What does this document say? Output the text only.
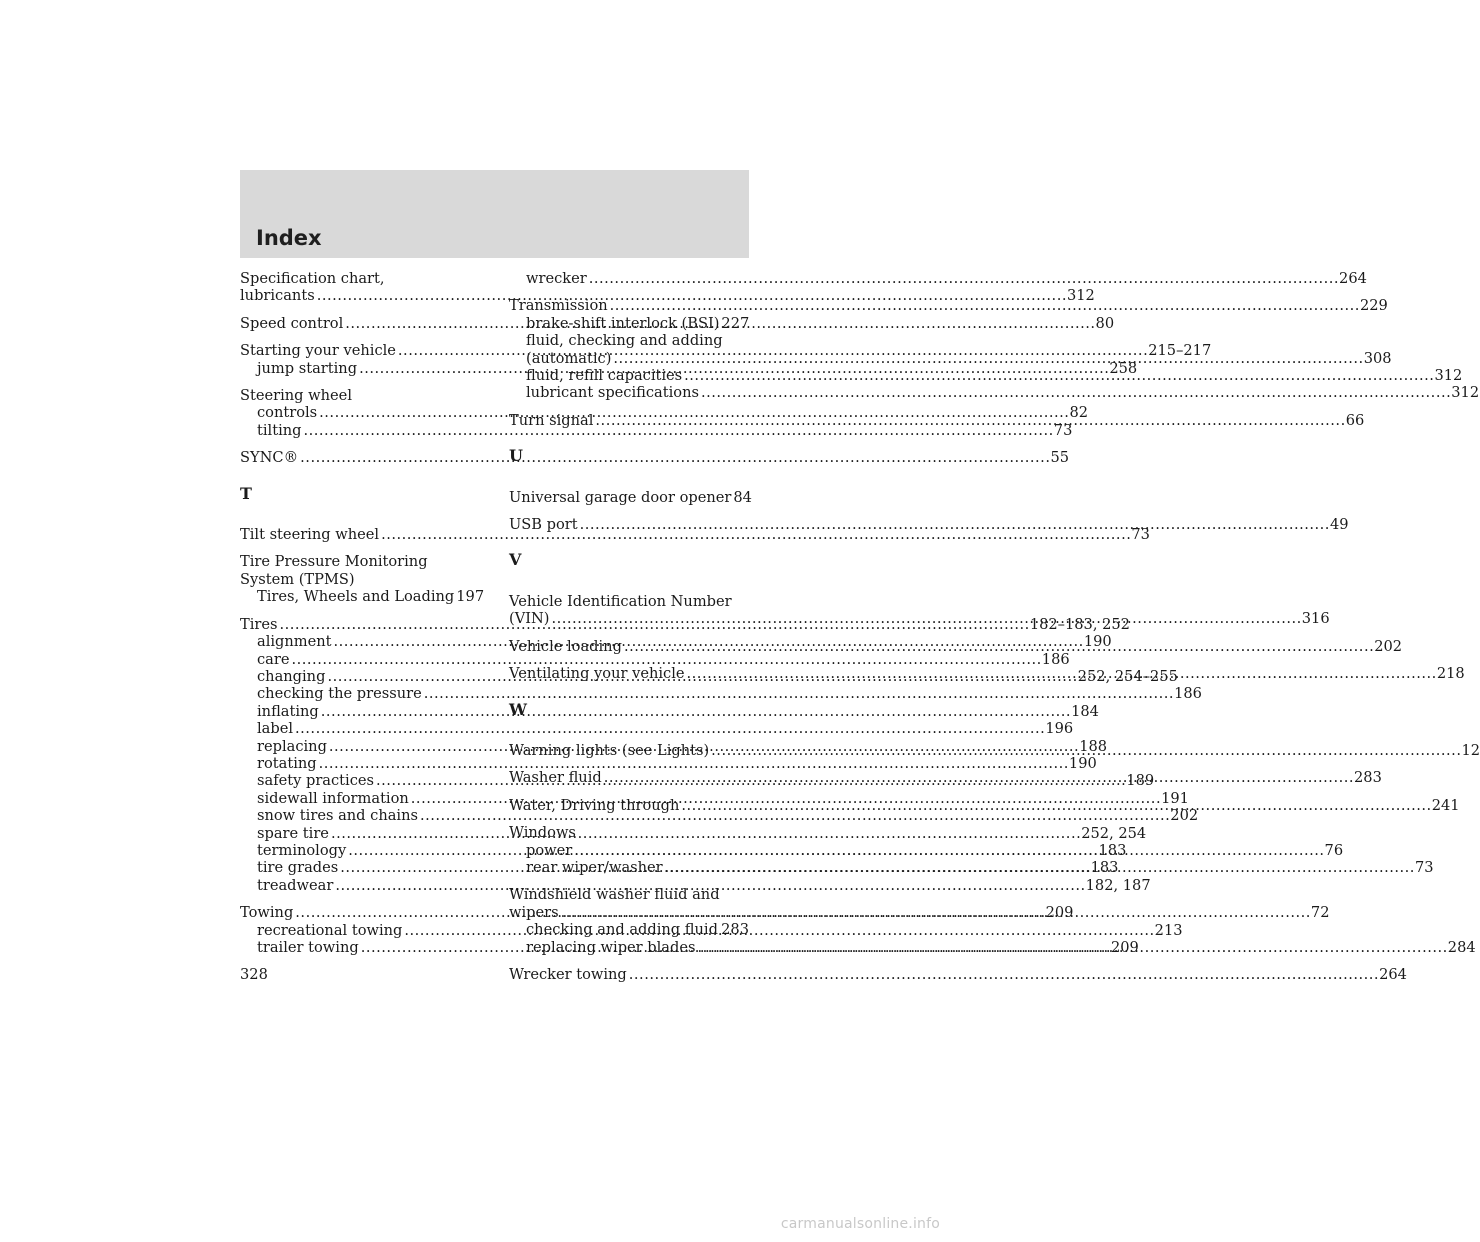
Index
Specification chart,
lubricants .....	312
Speed control .....	80
Starting your vehicle .....	215–217
jump starting .....	258
Steering wheel
controls .....	82
tilting .....	73
SYNC® .....	55
T
Tilt steering wheel .....	73
Tire Pressure Monitoring
System (TPMS)
Tires, Wheels and Loading 197
Tires .....	182–183, 252
alignment .....	190
care .....	186
changing .....	252, 254–255
checking the pressure .....	186
inflating .....	184
label .....	196
replacing .....	188
rotating .....	190
safety practices .....	189
sidewall information .....	191
snow tires and chains .....	202
spare tire .....	252, 254
terminology .....	183
tire grades .....	183
treadwear .....	182, 187
Towing .....	209
recreational towing .....	213
trailer towing .....	209
wrecker .....	264
Transmission .....	229
brake-shift interlock (BSI) 227
fluid, checking and adding
(automatic) .....	308
fluid, refill capacities .....	312
lubricant specifications .....	312
Turn signal .....	66
U
Universal garage door opener 84
USB port .....	49
V
Vehicle Identification Number
(VIN) .....	316
Vehicle loading .....	202
Ventilating your vehicle .....	218
W
Warning lights (see Lights) .....	12
Washer fluid .....	283
Water, Driving through .....	241
Windows
power .....	76
rear wiper/washer .....	73
Windshield washer fluid and
wipers .....	72
checking and adding fluid ..... 283
replacing wiper blades .....	284
Wrecker towing .....	264
328
carmanualsonline.info
